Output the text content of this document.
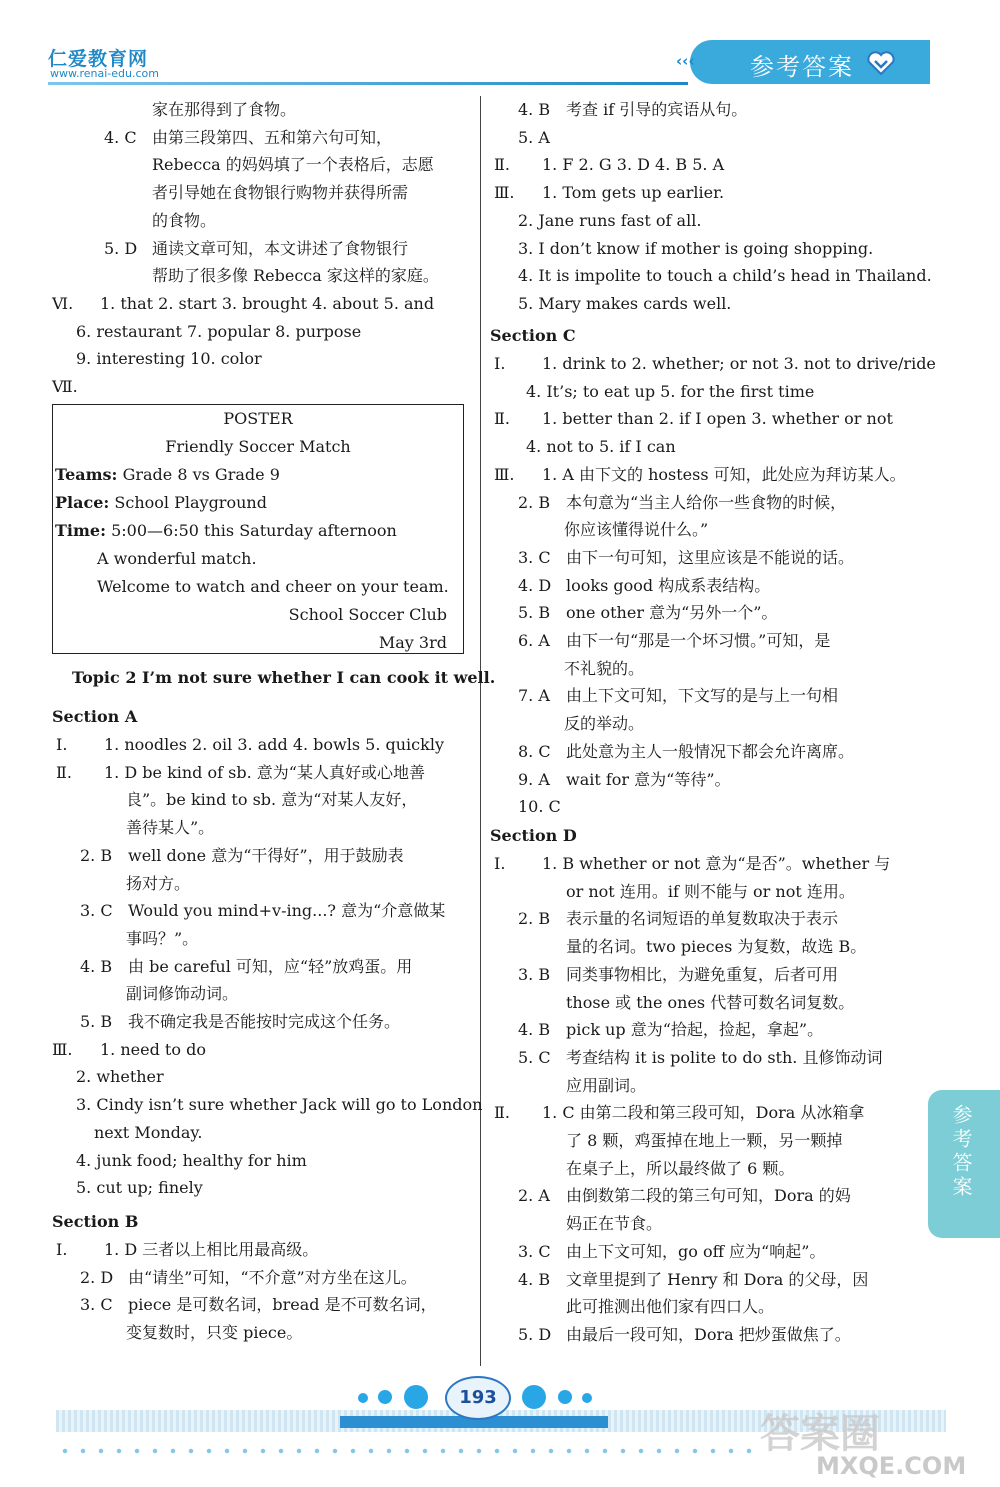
仁爱教育网
www.renai-edu.com
‹‹‹ 参考答案
家在那得到了食物。
4. C 由第三段第四、五和第六句可知，
Rebecca 的妈妈填了一个表格后，志愿
者引导她在食物银行购物并获得所需
的食物。
5. D 通读文章可知，本文讲述了食物银行
帮助了很多像 Rebecca 家这样的家庭。
Ⅵ. 1. that 2. start 3. brought 4. about 5. and
6. restaurant 7. popular 8. purpose
9. interesting 10. color
Ⅶ.
Topic 2 I’m not sure whether I can cook it well.
Section A
Ⅰ. 1. noodles 2. oil 3. add 4. bowls 5. quickly
Ⅱ. 1. D be kind of sb. 意为“某人真好或心地善
良”。be kind to sb. 意为“对某人友好，
善待某人”。
2. B well done 意为“干得好”，用于鼓励表
扬对方。
3. C Would you mind+v-ing...? 意为“介意做某
事吗？”。
4. B 由 be careful 可知，应“轻”放鸡蛋。用
副词修饰动词。
5. B 我不确定我是否能按时完成这个任务。
Ⅲ. 1. need to do
2. whether
3. Cindy isn’t sure whether Jack will go to London
next Monday.
4. junk food; healthy for him
5. cut up; finely
Section B
Ⅰ. 1. D 三者以上相比用最高级。
2. D 由“请坐”可知，“不介意”对方坐在这儿。
3. C piece 是可数名词，bread 是不可数名词，
变复数时，只变 piece。
POSTER
Friendly Soccer Match
Teams: Grade 8 vs Grade 9
Place: School Playground
Time: 5:00—6:50 this Saturday afternoon
A wonderful match.
Welcome to watch and cheer on your team.
School Soccer Club
May 3rd
4. B 考查 if 引导的宾语从句。
5. A
Ⅱ. 1. F 2. G 3. D 4. B 5. A
Ⅲ. 1. Tom gets up earlier.
2. Jane runs fast of all.
3. I don’t know if mother is going shopping.
4. It is impolite to touch a child’s head in Thailand.
5. Mary makes cards well.
Section C
Ⅰ. 1. drink to 2. whether; or not 3. not to drive/ride
4. It’s; to eat up 5. for the first time
Ⅱ. 1. better than 2. if I open 3. whether or not
4. not to 5. if I can
Ⅲ. 1. A 由下文的 hostess 可知，此处应为拜访某人。
2. B 本句意为“当主人给你一些食物的时候，
你应该懂得说什么。”
3. C 由下一句可知，这里应该是不能说的话。
4. D looks good 构成系表结构。
5. B one other 意为“另外一个”。
6. A 由下一句“那是一个坏习惯。”可知，是
不礼貌的。
7. A 由上下文可知，下文写的是与上一句相
反的举动。
8. C 此处意为主人一般情况下都会允许离席。
9. A wait for 意为“等待”。
10. C
Section D
Ⅰ. 1. B whether or not 意为“是否”。whether 与
or not 连用。if 则不能与 or not 连用。
2. B 表示量的名词短语的单复数取决于表示
量的名词。two pieces 为复数，故选 B。
3. B 同类事物相比，为避免重复，后者可用
those 或 the ones 代替可数名词复数。
4. B pick up 意为“拾起，捡起，拿起”。
5. C 考查结构 it is polite to do sth. 且修饰动词
应用副词。
Ⅱ. 1. C 由第二段和第三段可知，Dora 从冰箱拿
了 8 颗，鸡蛋掉在地上一颗，另一颗掉
在桌子上，所以最终做了 6 颗。
2. A 由倒数第二段的第三句可知，Dora 的妈
妈正在节食。
3. C 由上下文可知，go off 应为“响起”。
4. B 文章里提到了 Henry 和 Dora 的父母，因
此可推测出他们家有四口人。
5. D 由最后一段可知，Dora 把炒蛋做焦了。
参考答案
193
答案圈
MXQE.COM
